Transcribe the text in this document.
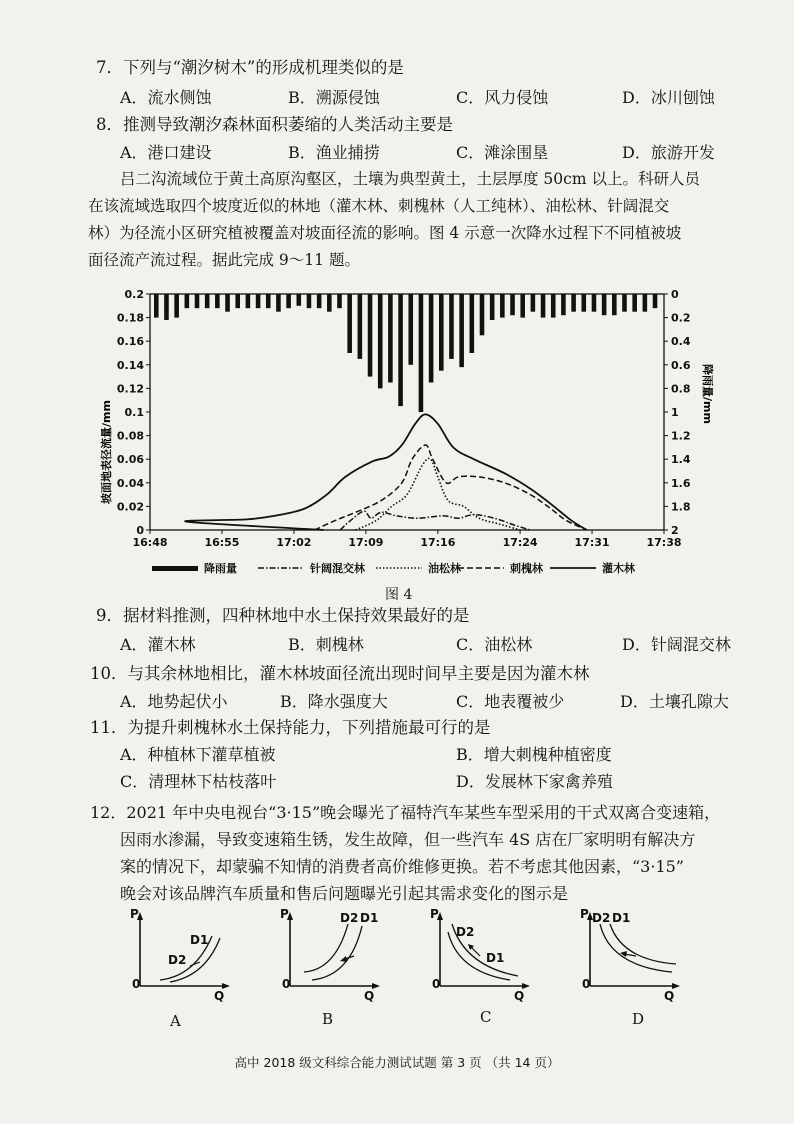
7．下列与“潮汐树木”的形成机理类似的是
A．流水侧蚀	B．溯源侵蚀	C．风力侵蚀	D．冰川刨蚀
8．推测导致潮汐森林面积萎缩的人类活动主要是
A．港口建设	B．渔业捕捞	C．滩涂围垦	D．旅游开发
吕二沟流域位于黄土高原沟壑区，土壤为典型黄土，土层厚度 50cm 以上。科研人员
在该流域选取四个坡度近似的林地（灌木林、刺槐林（人工纯林）、油松林、针阔混交
林）为径流小区研究植被覆盖对坡面径流的影响。图 4 示意一次降水过程下不同植被坡
面径流产流过程。据此完成 9～11 题。
0
0.02
0.04
0.06
0.08
0.1
0.12
0.14
0.16
0.18
0.2	0
0.2
0.4
0.6
0.8
1
1.2
1.4
1.6
1.8
2
16:48	16:55	17:02	17:09	17:16	17:24	17:31	17:38
降雨量	针阔混交林	油松林	刺槐林	灌木林
坡面地表径流量/mm
降雨量/mm
图 4
9．据材料推测，四种林地中水土保持效果最好的是
A．灌木林	B．刺槐林	C．油松林	D．针阔混交林
10．与其余林地相比，灌木林坡面径流出现时间早主要是因为灌木林
A．地势起伏小	B．降水强度大	C．地表覆被少	D．土壤孔隙大
11．为提升刺槐林水土保持能力，下列措施最可行的是
A．种植林下灌草植被	B．增大刺槐种植密度
C．清理林下枯枝落叶	D．发展林下家禽养殖
12．2021 年中央电视台“3·15”晚会曝光了福特汽车某些车型采用的干式双离合变速箱，
因雨水渗漏，导致变速箱生锈，发生故障，但一些汽车 4S 店在厂家明明有解决方
案的情况下，却蒙骗不知情的消费者高价维修更换。若不考虑其他因素，“3·15”
晚会对该品牌汽车质量和售后问题曝光引起其需求变化的图示是
P
0
Q
D1
D2
P
0
Q
D2 D1	P
0
Q
D2
D1
P
0
Q
D2 D1
A	B	C	D
高中 2018 级文科综合能力测试试题 第 3 页 （共 14 页）
